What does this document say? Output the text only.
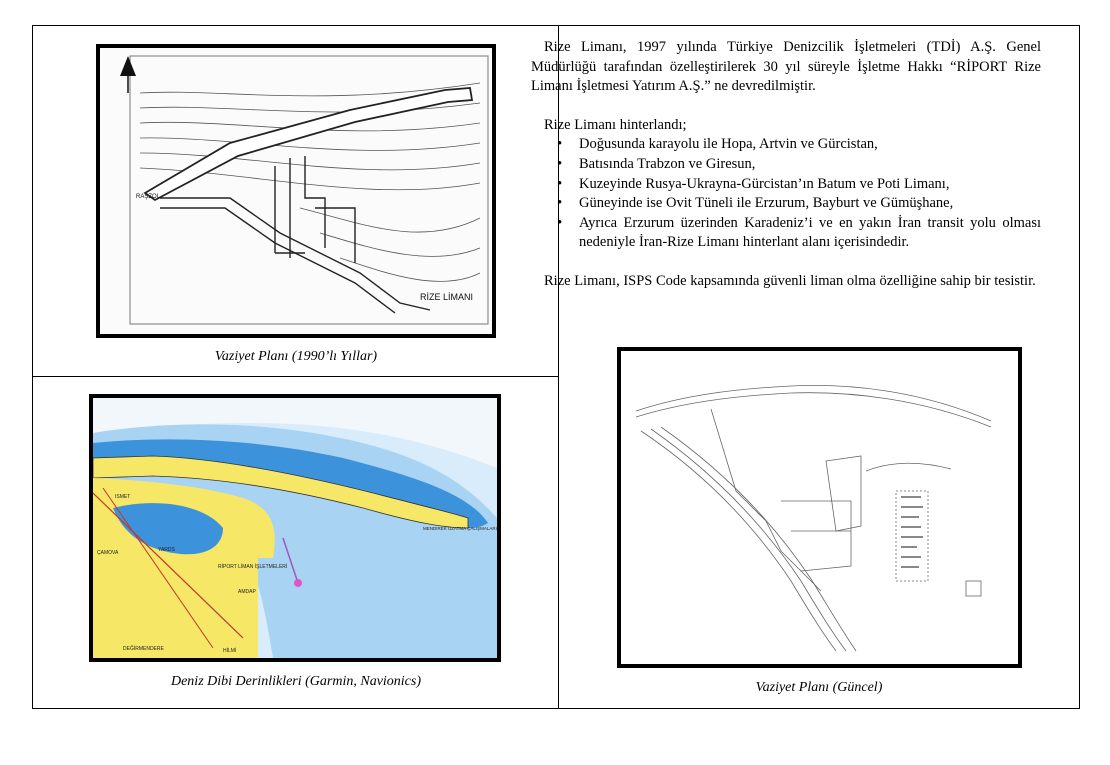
RİZE LİMANI
RAŞZOL
Vaziyet Planı (1990’lı Yıllar)
RİPORT LİMAN İŞLETMELERİ
AMDAP
YARDS
ÇAMOVA
DEĞİRMENDERE
ISMET
HİLMİ
MENDIREK UZATMA ÇALIŞMALARI
Deniz Dibi Derinlikleri (Garmin, Navionics)

Rize Limanı, 1997 yılında Türkiye Denizcilik İşletmeleri (TDİ) A.Ş. Genel Müdürlüğü tarafından özelleştirilerek 30 yıl süreyle İşletme Hakkı “RİPORT Rize Limanı İşletmesi Yatırım A.Ş.” ne devredilmiştir.

Rize Limanı hinterlandı;

• Doğusunda karayolu ile Hopa, Artvin ve Gürcistan,
• Batısında Trabzon ve Giresun,
• Kuzeyinde Rusya-Ukrayna-Gürcistan’ın Batum ve Poti Limanı,
• Güneyinde ise Ovit Tüneli ile Erzurum, Bayburt ve Gümüşhane,
• Ayrıca Erzurum üzerinden Karadeniz’i ve en yakın İran transit yolu olması nedeniyle İran-Rize Limanı hinterlant alanı içerisindedir.

Rize Limanı, ISPS Code kapsamında güvenli liman olma özelliğine sahip bir tesistir.

Vaziyet Planı (Güncel)
